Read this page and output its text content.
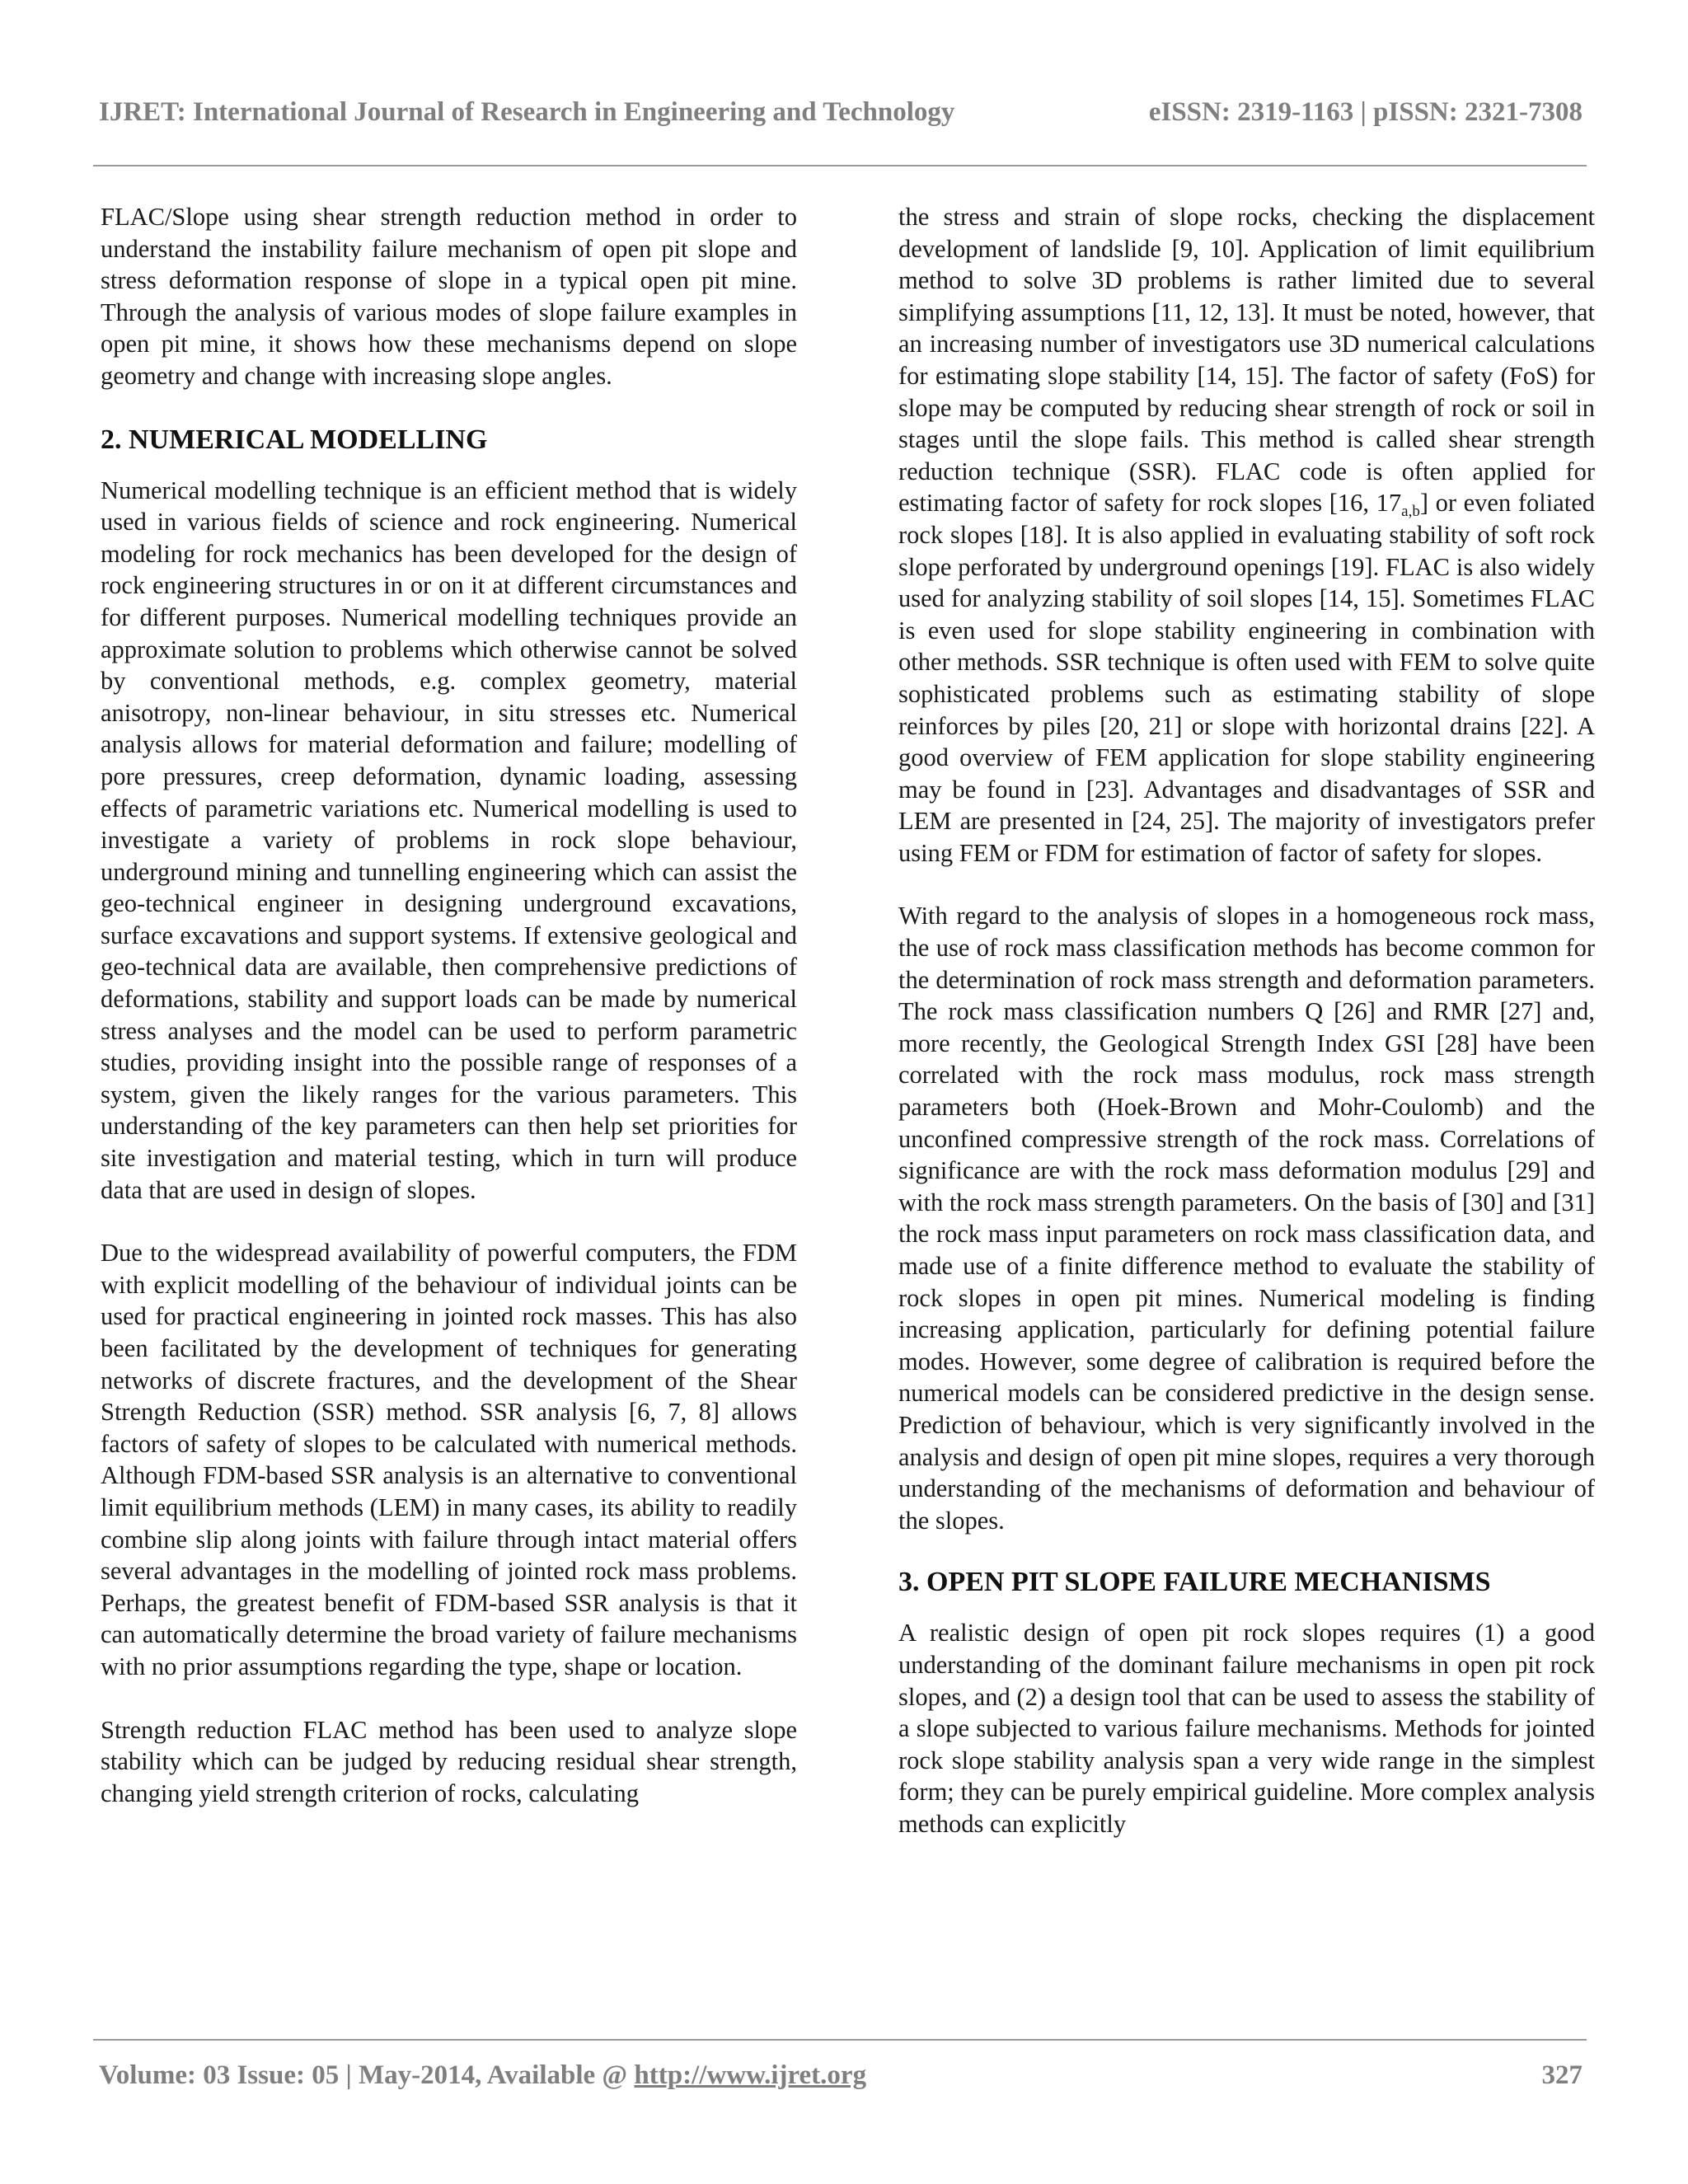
IJRET: International Journal of Research in Engineering and Technology	eISSN: 2319-1163 | pISSN: 2321-7308

FLAC/Slope using shear strength reduction method in order to understand the instability failure mechanism of open pit slope and stress deformation response of slope in a typical open pit mine. Through the analysis of various modes of slope failure examples in open pit mine, it shows how these mechanisms depend on slope geometry and change with increasing slope angles.

2. NUMERICAL MODELLING

Numerical modelling technique is an efficient method that is widely used in various fields of science and rock engineering. Numerical modeling for rock mechanics has been developed for the design of rock engineering structures in or on it at different circumstances and for different purposes. Numerical modelling techniques provide an approximate solution to problems which otherwise cannot be solved by conventional methods, e.g. complex geometry, material anisotropy, non-linear behaviour, in situ stresses etc. Numerical analysis allows for material deformation and failure; modelling of pore pressures, creep deformation, dynamic loading, assessing effects of parametric variations etc. Numerical modelling is used to investigate a variety of problems in rock slope behaviour, underground mining and tunnelling engineering which can assist the geo-technical engineer in designing underground excavations, surface excavations and support systems. If extensive geological and geo-technical data are available, then comprehensive predictions of deformations, stability and support loads can be made by numerical stress analyses and the model can be used to perform parametric studies, providing insight into the possible range of responses of a system, given the likely ranges for the various parameters. This understanding of the key parameters can then help set priorities for site investigation and material testing, which in turn will produce data that are used in design of slopes.

Due to the widespread availability of powerful computers, the FDM with explicit modelling of the behaviour of individual joints can be used for practical engineering in jointed rock masses. This has also been facilitated by the development of techniques for generating networks of discrete fractures, and the development of the Shear Strength Reduction (SSR) method. SSR analysis [6, 7, 8] allows factors of safety of slopes to be calculated with numerical methods. Although FDM-based SSR analysis is an alternative to conventional limit equilibrium methods (LEM) in many cases, its ability to readily combine slip along joints with failure through intact material offers several advantages in the modelling of jointed rock mass problems. Perhaps, the greatest benefit of FDM-based SSR analysis is that it can automatically determine the broad variety of failure mechanisms with no prior assumptions regarding the type, shape or location.

Strength reduction FLAC method has been used to analyze slope stability which can be judged by reducing residual shear strength, changing yield strength criterion of rocks, calculating

the stress and strain of slope rocks, checking the displacement development of landslide [9, 10]. Application of limit equilibrium method to solve 3D problems is rather limited due to several simplifying assumptions [11, 12, 13]. It must be noted, however, that an increasing number of investigators use 3D numerical calculations for estimating slope stability [14, 15]. The factor of safety (FoS) for slope may be computed by reducing shear strength of rock or soil in stages until the slope fails. This method is called shear strength reduction technique (SSR). FLAC code is often applied for estimating factor of safety for rock slopes [16, $17_{a,b}$] or even foliated rock slopes [18]. It is also applied in evaluating stability of soft rock slope perforated by underground openings [19]. FLAC is also widely used for analyzing stability of soil slopes [14, 15]. Sometimes FLAC is even used for slope stability engineering in combination with other methods. SSR technique is often used with FEM to solve quite sophisticated problems such as estimating stability of slope reinforces by piles [20, 21] or slope with horizontal drains [22]. A good overview of FEM application for slope stability engineering may be found in [23]. Advantages and disadvantages of SSR and LEM are presented in [24, 25]. The majority of investigators prefer using FEM or FDM for estimation of factor of safety for slopes.

With regard to the analysis of slopes in a homogeneous rock mass, the use of rock mass classification methods has become common for the determination of rock mass strength and deformation parameters. The rock mass classification numbers Q [26] and RMR [27] and, more recently, the Geological Strength Index GSI [28] have been correlated with the rock mass modulus, rock mass strength parameters both (Hoek-Brown and Mohr-Coulomb) and the unconfined compressive strength of the rock mass. Correlations of significance are with the rock mass deformation modulus [29] and with the rock mass strength parameters. On the basis of [30] and [31] the rock mass input parameters on rock mass classification data, and made use of a finite difference method to evaluate the stability of rock slopes in open pit mines. Numerical modeling is finding increasing application, particularly for defining potential failure modes. However, some degree of calibration is required before the numerical models can be considered predictive in the design sense. Prediction of behaviour, which is very significantly involved in the analysis and design of open pit mine slopes, requires a very thorough understanding of the mechanisms of deformation and behaviour of the slopes.

3. OPEN PIT SLOPE FAILURE MECHANISMS

A realistic design of open pit rock slopes requires (1) a good understanding of the dominant failure mechanisms in open pit rock slopes, and (2) a design tool that can be used to assess the stability of a slope subjected to various failure mechanisms. Methods for jointed rock slope stability analysis span a very wide range in the simplest form; they can be purely empirical guideline. More complex analysis methods can explicitly

Volume: 03 Issue: 05 | May-2014, Available @ http://www.ijret.org	327
